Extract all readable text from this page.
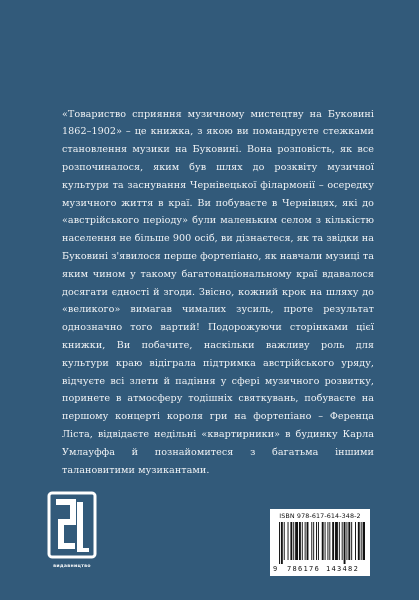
«Товариство сприяння музичному мистецтву на Буковині 1862–1902» – це книжка, з якою ви помандруєте стежками становлення музики на Буковині. Вона розповість, як все розпочиналося, яким був шлях до розквіту музичної культури та заснування Чернівецької філармонії – осередку музичного життя в краї. Ви побуваєте в Чернівцях, які до «австрійського періоду» були маленьким селом з кількістю населення не більше 900 осіб, ви дізнаєтеся, як та звідки на Буковині з'явилося перше фортепіано, як навчали музиці та яким чином у такому багатонаціональному краї вдавалося досягати єдності й згоди. Звісно, кожний крок на шляху до «великого» вимагав чималих зусиль, проте результат однозначно того вартий! Подорожуючи сторінками цієї книжки, Ви побачите, наскільки важливу роль для культури краю відіграла підтримка австрійського уряду, відчуєте всі злети й падіння у сфері музичного розвитку, поринете в атмосферу тодішніх святкувань, побуваєте на першому концерті короля гри на фортепіано – Ференца Ліста, відвідаєте недільні «квартирники» в будинку Карла Умлауффа й познайомитеся з багатьма іншими талановитими музикантами.

видавництво
ISBN 978-617-614-348-2
9 786176 143482
